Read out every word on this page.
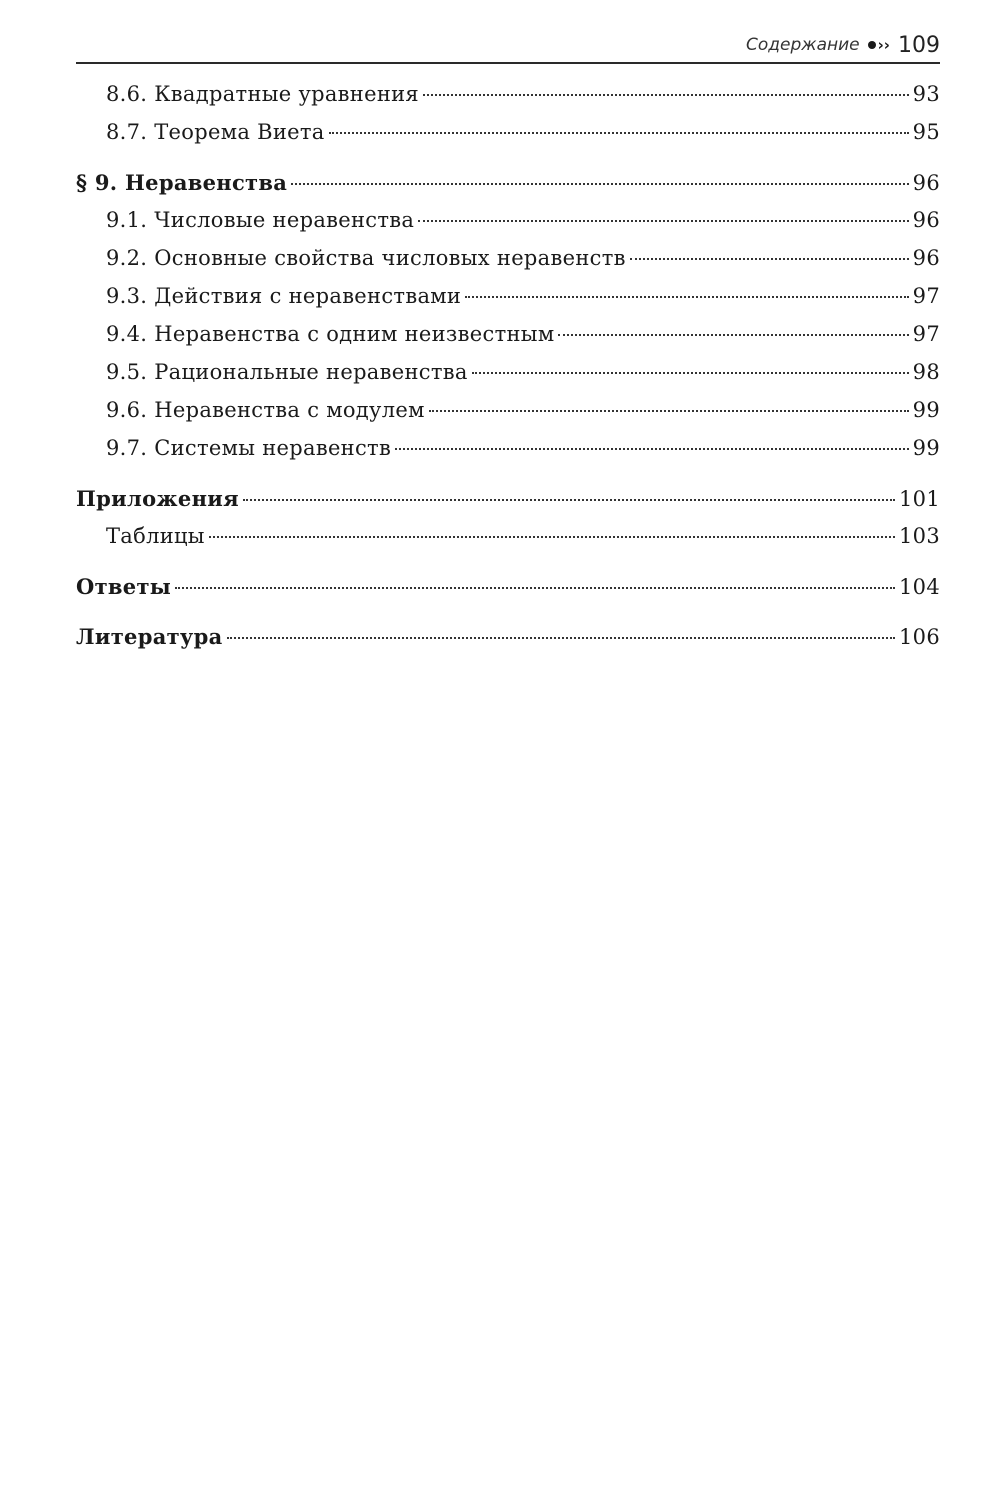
Содержание ›› 109
8.6. Квадратные уравнения	93
8.7. Теорема Виета	95
§ 9. Неравенства	96
9.1. Числовые неравенства	96
9.2. Основные свойства числовых неравенств	96
9.3. Действия с неравенствами	97
9.4. Неравенства с одним неизвестным	97
9.5. Рациональные неравенства	98
9.6. Неравенства с модулем	99
9.7. Системы неравенств	99
Приложения	101
Таблицы	103
Ответы	104
Литература	106
